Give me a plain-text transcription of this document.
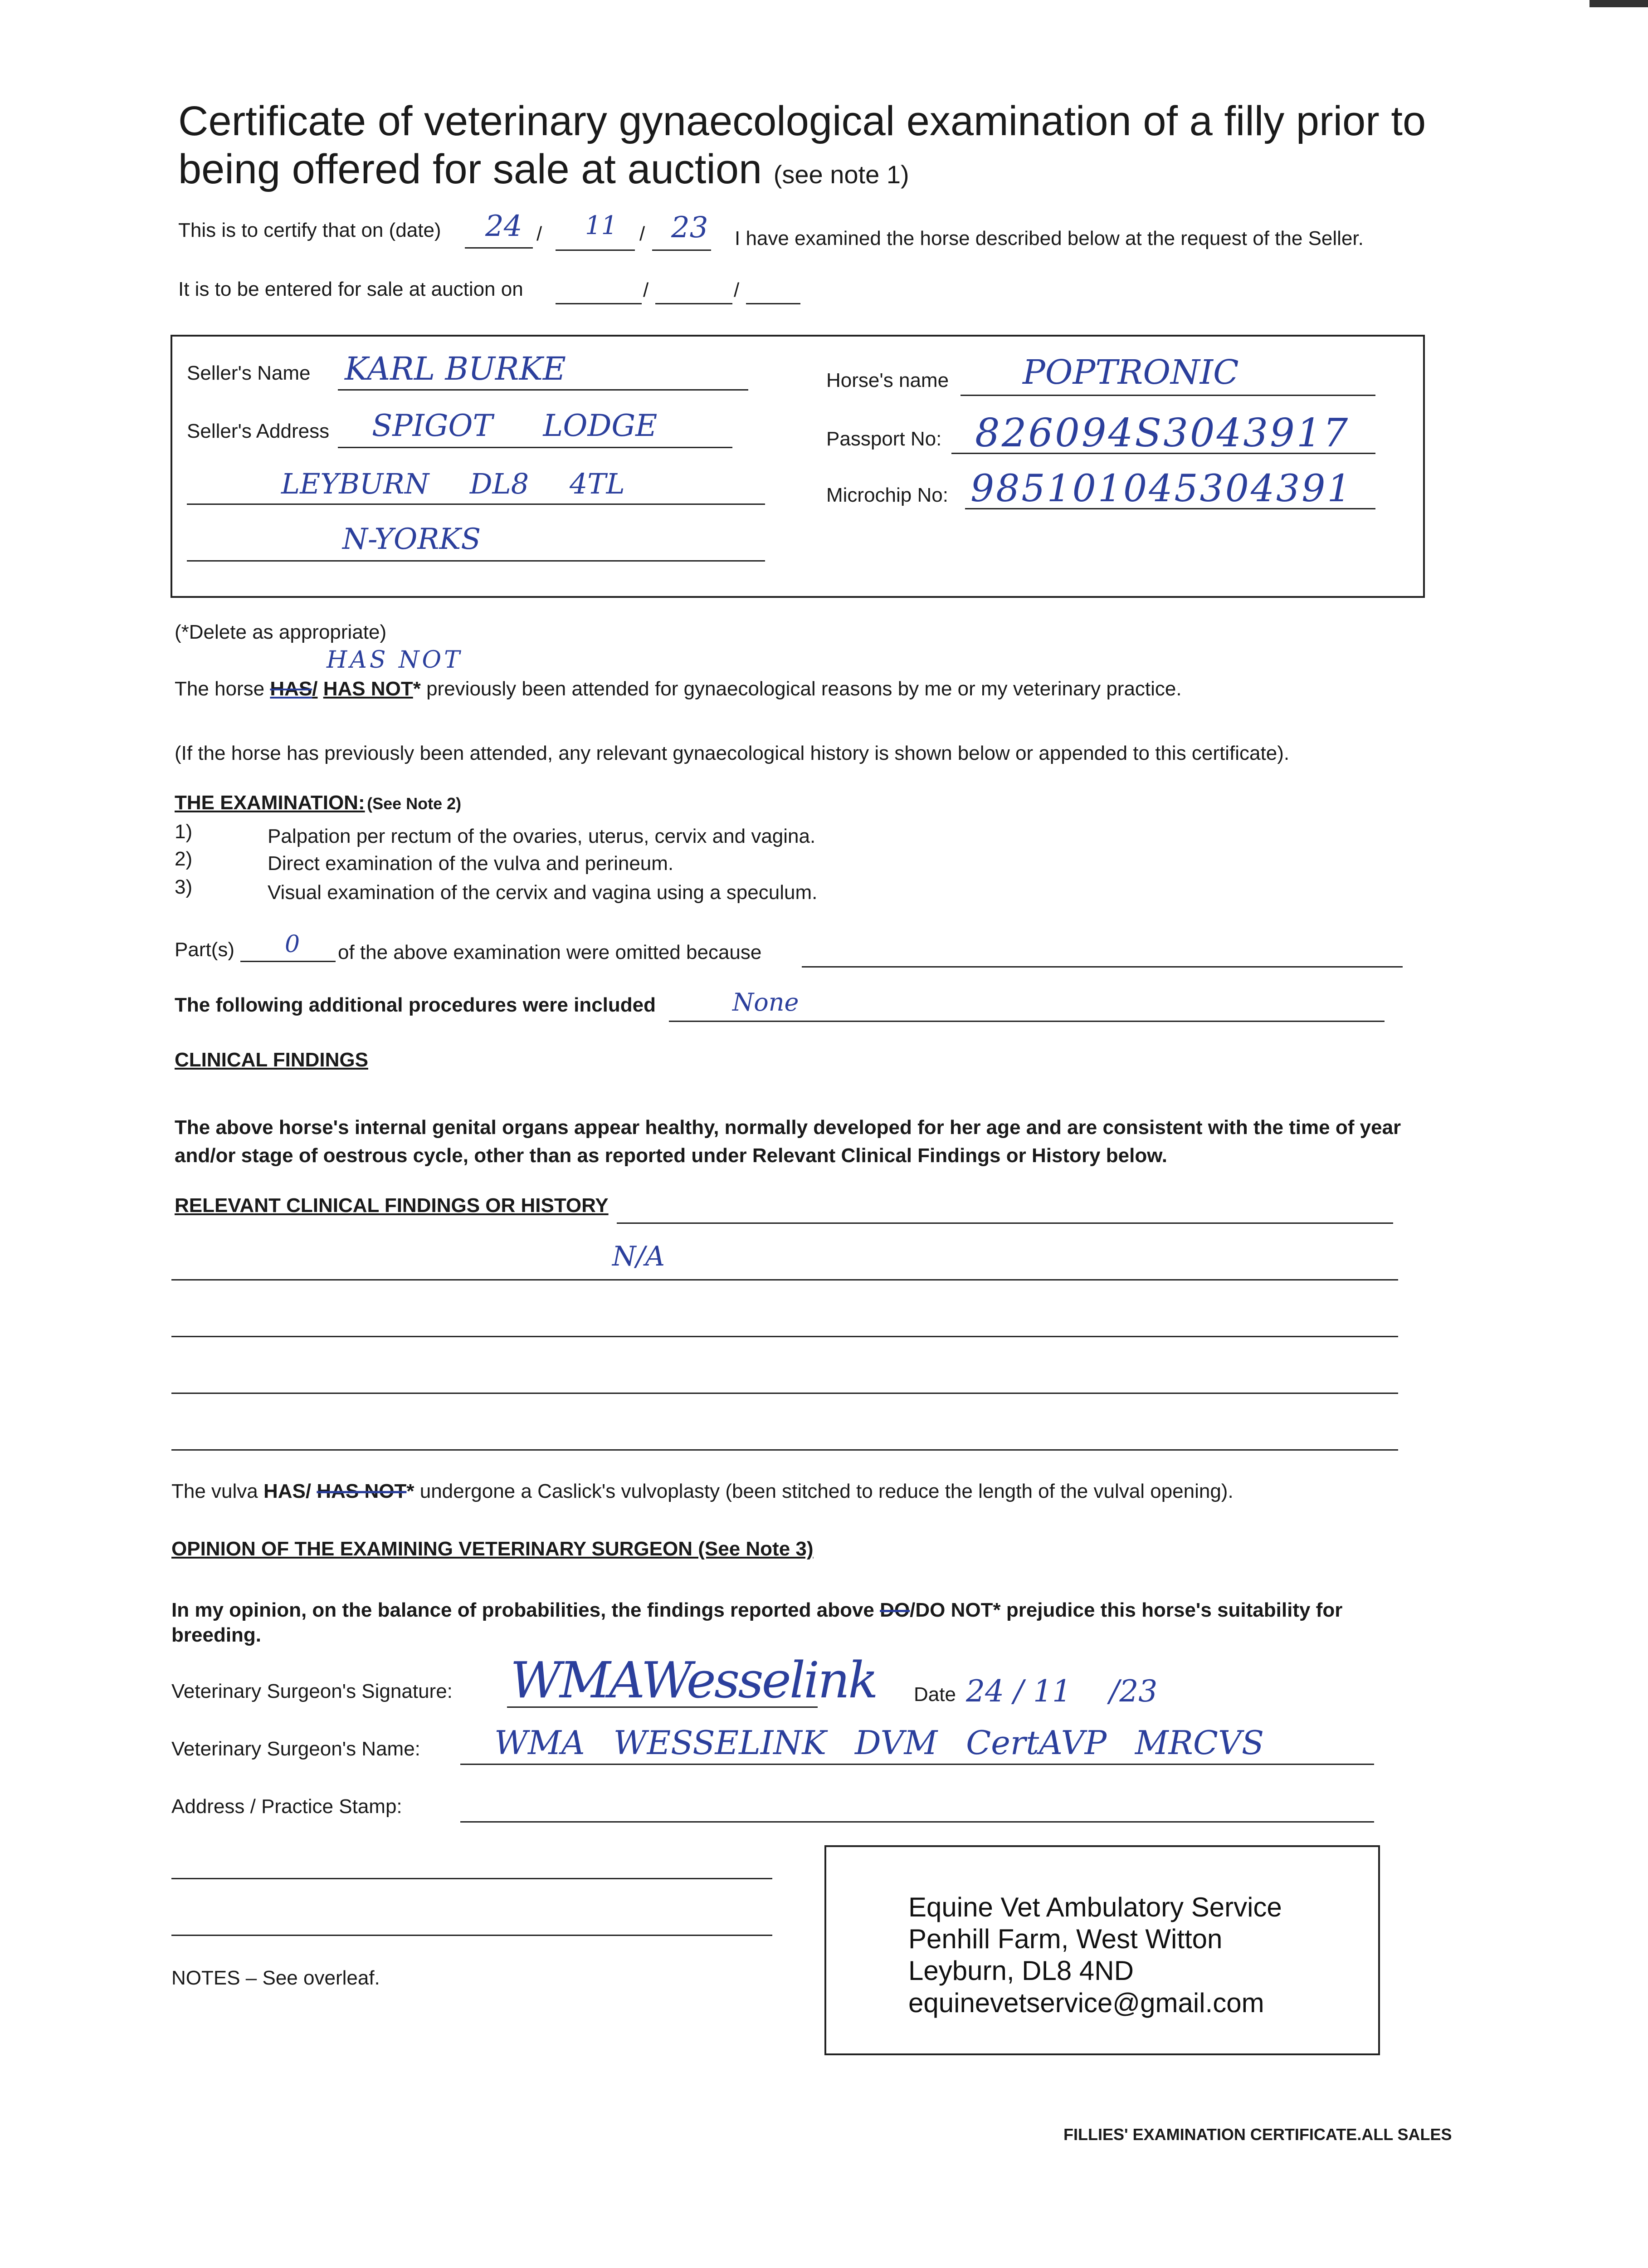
Certificate of veterinary gynaecological examination of a filly prior to
being offered for sale at auction (see note 1)
This is to certify that on (date) 24 / 11 / 23 I have examined the horse described below at the request of the Seller.
It is to be entered for sale at auction on	/	/
Seller's Name KARL BURKE
Seller's Address SPIGOT LODGE
LEYBURN DL8 4TL
N-YORKS
Horse's name POPTRONIC
Passport No: 826094S3043917
Microchip No: 985101045304391
(*Delete as appropriate)
HAS NOT
The horse HAS/ HAS NOT* previously been attended for gynaecological reasons by me or my veterinary practice.
(If the horse has previously been attended, any relevant gynaecological history is shown below or appended to this certificate).
THE EXAMINATION: (See Note 2)
1)	Palpation per rectum of the ovaries, uterus, cervix and vagina.
2)	Direct examination of the vulva and perineum.
3)	Visual examination of the cervix and vagina using a speculum.
Part(s) 0 of the above examination were omitted because
The following additional procedures were included	None
CLINICAL FINDINGS
The above horse's internal genital organs appear healthy, normally developed for her age and are consistent with the time of year
and/or stage of oestrous cycle, other than as reported under Relevant Clinical Findings or History below.
RELEVANT CLINICAL FINDINGS OR HISTORY
N/A
The vulva HAS/ HAS NOT* undergone a Caslick's vulvoplasty (been stitched to reduce the length of the vulval opening).
OPINION OF THE EXAMINING VETERINARY SURGEON (See Note 3)
In my opinion, on the balance of probabilities, the findings reported above DO/DO NOT* prejudice this horse's suitability for
breeding.
Veterinary Surgeon's Signature: WMAWesselink Date 24 / 11    /23
Veterinary Surgeon's Name: WMA WESSELINK DVM CertAVP MRCVS
Address / Practice Stamp:
Equine Vet Ambulatory Service
Penhill Farm, West Witton
Leyburn, DL8 4ND
equinevetservice@gmail.com
NOTES – See overleaf.
FILLIES' EXAMINATION CERTIFICATE.ALL SALES
